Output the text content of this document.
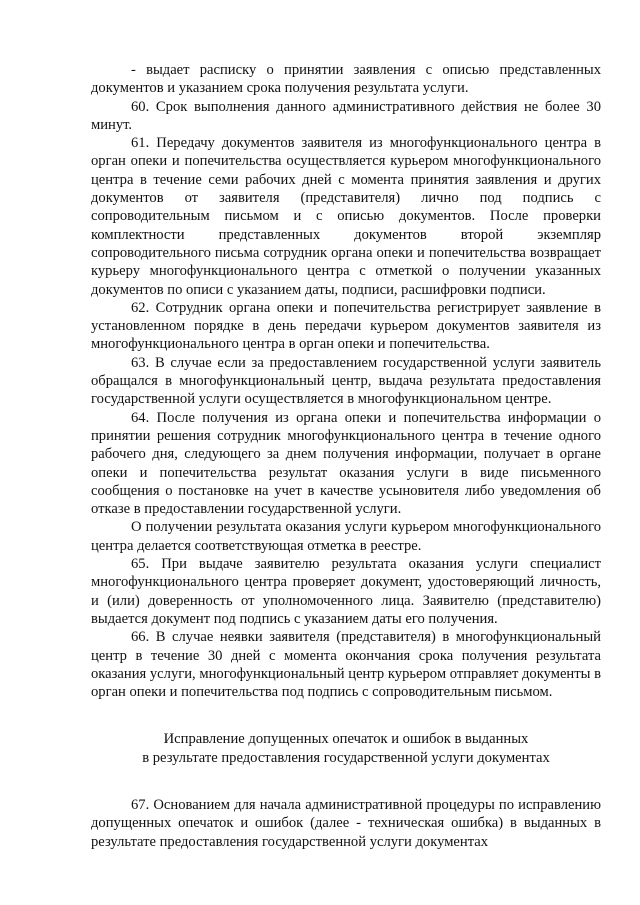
- выдает расписку о принятии заявления с описью представленных документов и указанием срока получения результата услуги.

60. Срок выполнения данного административного действия не более 30 минут.

61. Передачу документов заявителя из многофункционального центра в орган опеки и попечительства осуществляется курьером многофункционального центра в течение семи рабочих дней с момента принятия заявления и других документов от заявителя (представителя) лично под подпись с сопроводительным письмом и с описью документов. После проверки комплектности представленных документов второй экземпляр сопроводительного письма сотрудник органа опеки и попечительства возвращает курьеру многофункционального центра с отметкой о получении указанных документов по описи с указанием даты, подписи, расшифровки подписи.

62. Сотрудник органа опеки и попечительства регистрирует заявление в установленном порядке в день передачи курьером документов заявителя из многофункционального центра в орган опеки и попечительства.

63. В случае если за предоставлением государственной услуги заявитель обращался в многофункциональный центр, выдача результата предоставления государственной услуги осуществляется в многофункциональном центре.

64. После получения из органа опеки и попечительства информации о принятии решения сотрудник многофункционального центра в течение одного рабочего дня, следующего за днем получения информации, получает в органе опеки и попечительства результат оказания услуги в виде письменного сообщения о постановке на учет в качестве усыновителя либо уведомления об отказе в предоставлении государственной услуги.

О получении результата оказания услуги курьером многофункционального центра делается соответствующая отметка в реестре.

65. При выдаче заявителю результата оказания услуги специалист многофункционального центра проверяет документ, удостоверяющий личность, и (или) доверенность от уполномоченного лица. Заявителю (представителю) выдается документ под подпись с указанием даты его получения.

66. В случае неявки заявителя (представителя) в многофункциональный центр в течение 30 дней с момента окончания срока получения результата оказания услуги, многофункциональный центр курьером отправляет документы в орган опеки и попечительства под подпись с сопроводительным письмом.

Исправление допущенных опечаток и ошибок в выданных
в результате предоставления государственной услуги документах

67. Основанием для начала административной процедуры по исправлению допущенных опечаток и ошибок (далее - техническая ошибка) в выданных в результате предоставления государственной услуги документах
